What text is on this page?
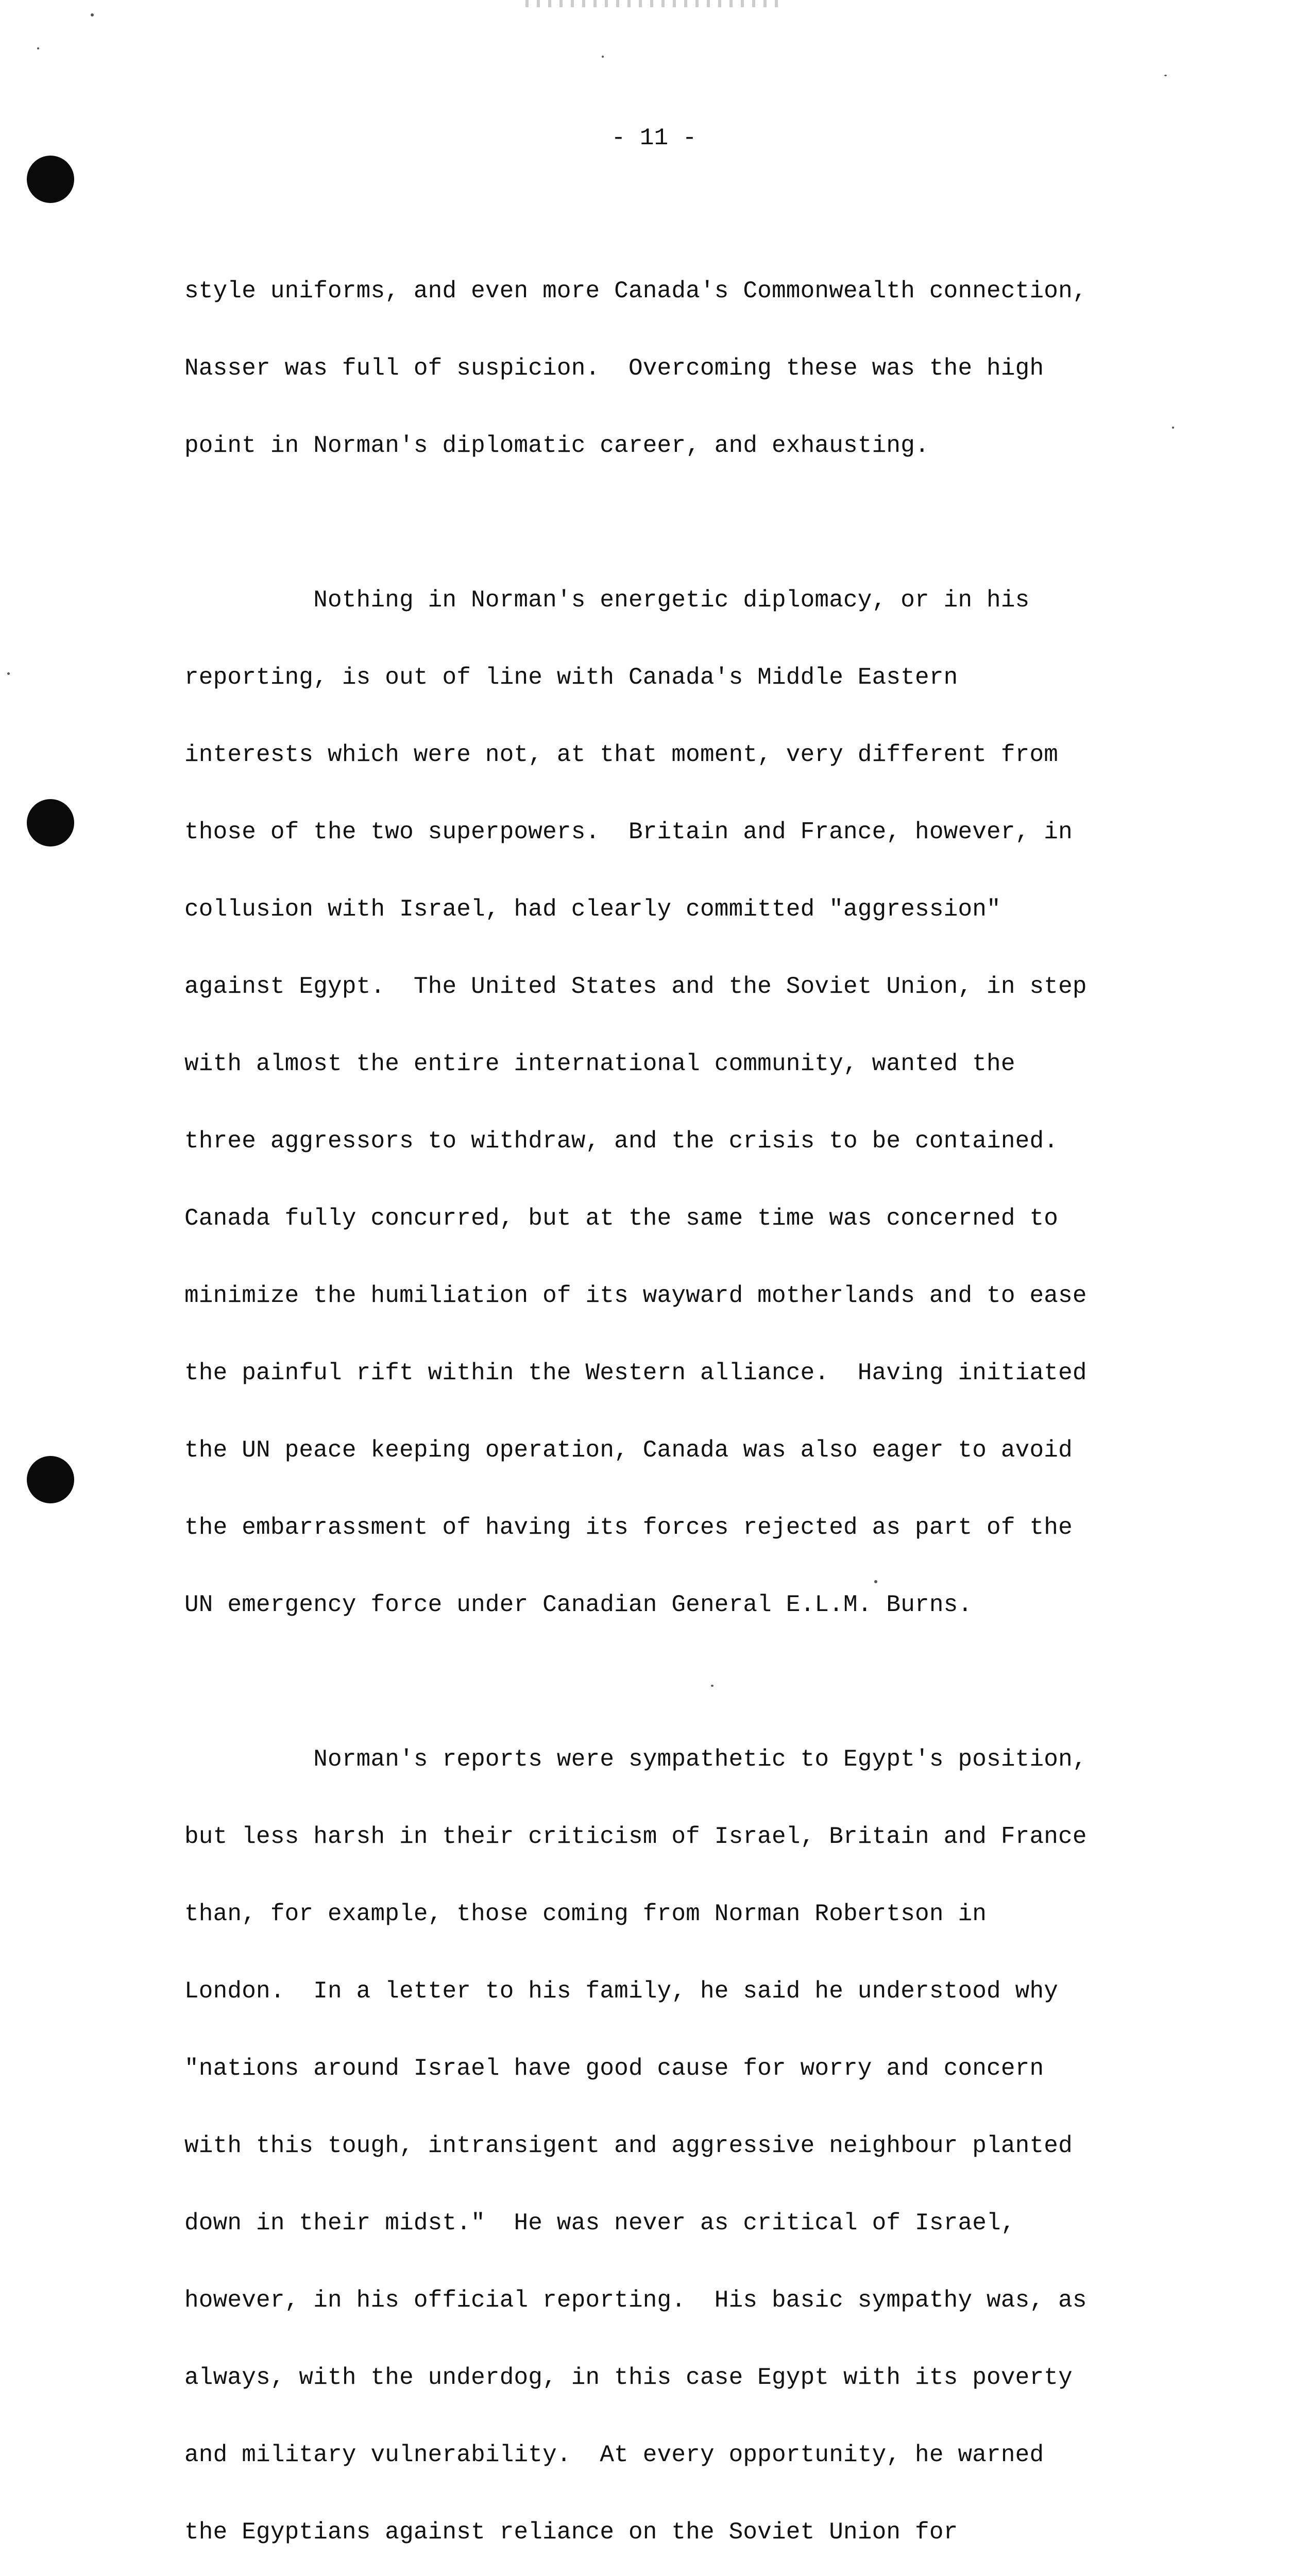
- 11 -

style uniforms, and even more Canada's Commonwealth connection,

Nasser was full of suspicion.  Overcoming these was the high

point in Norman's diplomatic career, and exhausting.

Nothing in Norman's energetic diplomacy, or in his

reporting, is out of line with Canada's Middle Eastern

interests which were not, at that moment, very different from

those of the two superpowers.  Britain and France, however, in

collusion with Israel, had clearly committed "aggression"

against Egypt.  The United States and the Soviet Union, in step

with almost the entire international community, wanted the

three aggressors to withdraw, and the crisis to be contained.

Canada fully concurred, but at the same time was concerned to

minimize the humiliation of its wayward motherlands and to ease

the painful rift within the Western alliance.  Having initiated

the UN peace keeping operation, Canada was also eager to avoid

the embarrassment of having its forces rejected as part of the

UN emergency force under Canadian General E.L.M. Burns.

Norman's reports were sympathetic to Egypt's position,

but less harsh in their criticism of Israel, Britain and France

than, for example, those coming from Norman Robertson in

London.  In a letter to his family, he said he understood why

"nations around Israel have good cause for worry and concern

with this tough, intransigent and aggressive neighbour planted

down in their midst."  He was never as critical of Israel,

however, in his official reporting.  His basic sympathy was, as

always, with the underdog, in this case Egypt with its poverty

and military vulnerability.  At every opportunity, he warned

the Egyptians against reliance on the Soviet Union for
